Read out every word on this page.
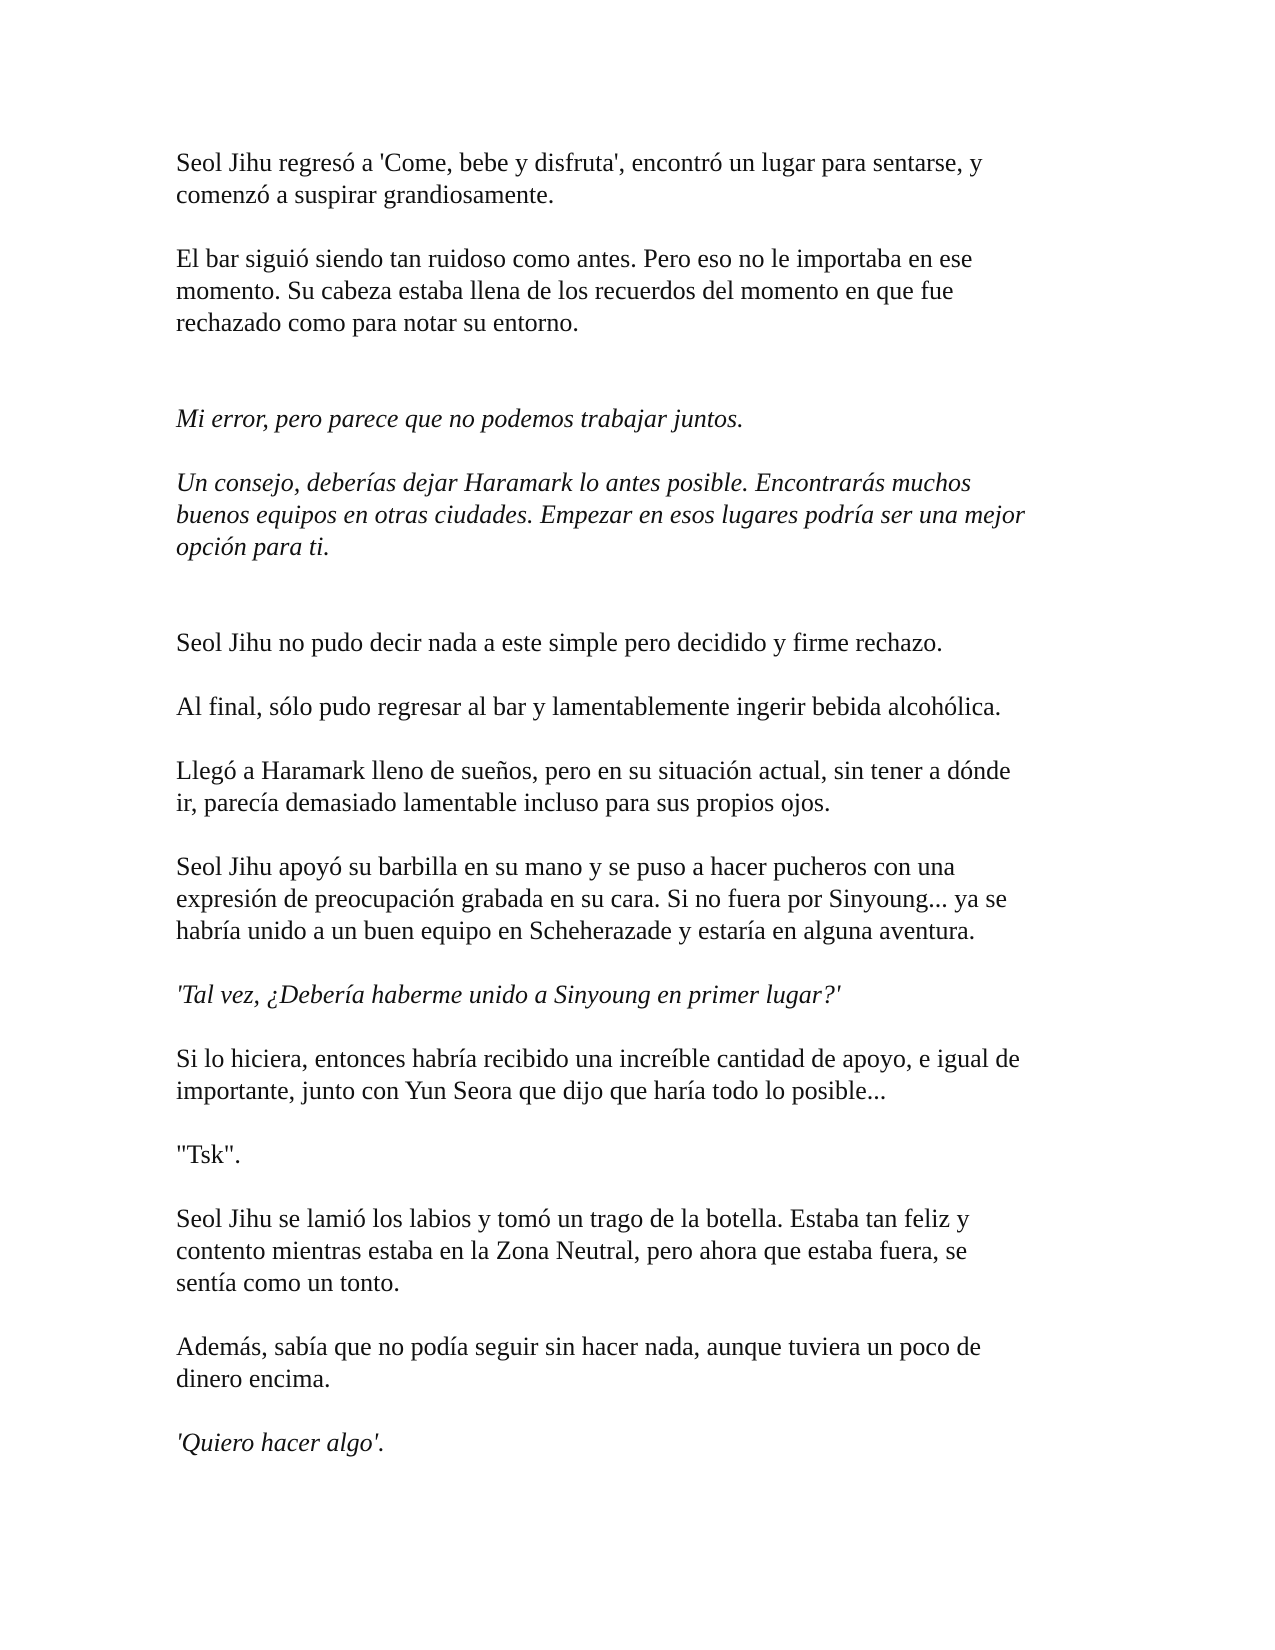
Seol Jihu regresó a 'Come, bebe y disfruta', encontró un lugar para sentarse, y
comenzó a suspirar grandiosamente.

El bar siguió siendo tan ruidoso como antes. Pero eso no le importaba en ese
momento. Su cabeza estaba llena de los recuerdos del momento en que fue
rechazado como para notar su entorno.

Mi error, pero parece que no podemos trabajar juntos.

Un consejo, deberías dejar Haramark lo antes posible. Encontrarás muchos
buenos equipos en otras ciudades. Empezar en esos lugares podría ser una mejor
opción para ti.

Seol Jihu no pudo decir nada a este simple pero decidido y firme rechazo.

Al final, sólo pudo regresar al bar y lamentablemente ingerir bebida alcohólica.

Llegó a Haramark lleno de sueños, pero en su situación actual, sin tener a dónde
ir, parecía demasiado lamentable incluso para sus propios ojos.

Seol Jihu apoyó su barbilla en su mano y se puso a hacer pucheros con una
expresión de preocupación grabada en su cara. Si no fuera por Sinyoung... ya se
habría unido a un buen equipo en Scheherazade y estaría en alguna aventura.

'Tal vez, ¿Debería haberme unido a Sinyoung en primer lugar?'

Si lo hiciera, entonces habría recibido una increíble cantidad de apoyo, e igual de
importante, junto con Yun Seora que dijo que haría todo lo posible...

"Tsk".

Seol Jihu se lamió los labios y tomó un trago de la botella. Estaba tan feliz y
contento mientras estaba en la Zona Neutral, pero ahora que estaba fuera, se
sentía como un tonto.

Además, sabía que no podía seguir sin hacer nada, aunque tuviera un poco de
dinero encima.

'Quiero hacer algo'.
